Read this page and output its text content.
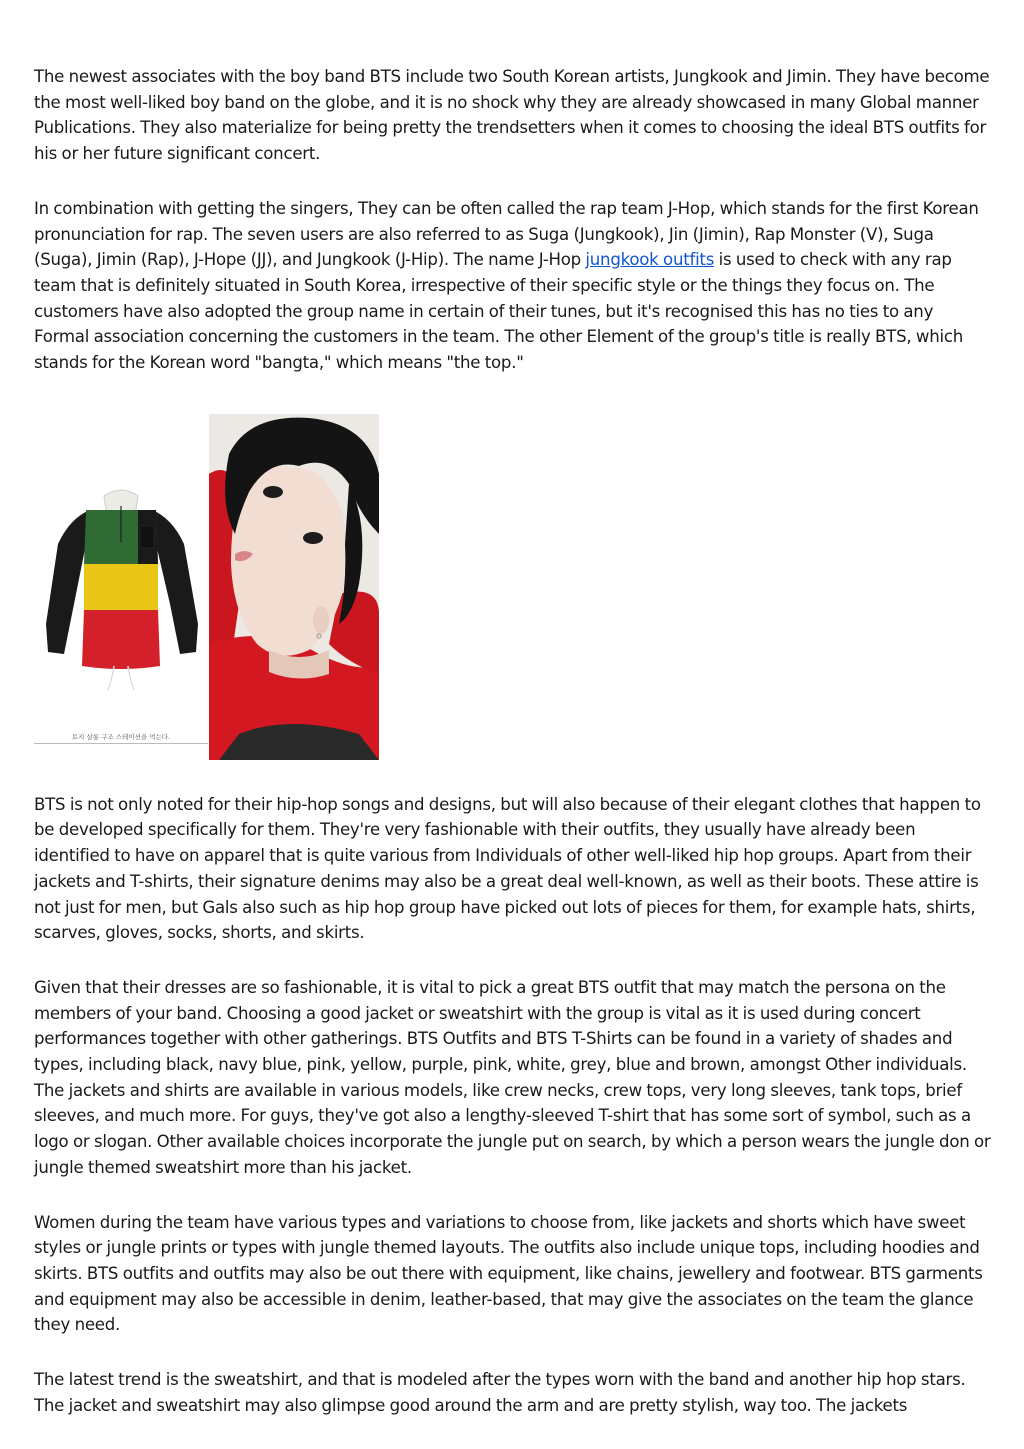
The newest associates with the boy band BTS include two South Korean artists, Jungkook and Jimin. They have become the most well-liked boy band on the globe, and it is no shock why they are already showcased in many Global manner Publications. They also materialize for being pretty the trendsetters when it comes to choosing the ideal BTS outfits for his or her future significant concert.

In combination with getting the singers, They can be often called the rap team J-Hop, which stands for the first Korean pronunciation for rap. The seven users are also referred to as Suga (Jungkook), Jin (Jimin), Rap Monster (V), Suga (Suga), Jimin (Rap), J-Hope (JJ), and Jungkook (J-Hip). The name J-Hop jungkook outfits is used to check with any rap team that is definitely situated in South Korea, irrespective of their specific style or the things they focus on. The customers have also adopted the group name in certain of their tunes, but it's recognised this has no ties to any Formal association concerning the customers in the team. The other Element of the group's title is really BTS, which stands for the Korean word "bangta," which means "the top."

토지 살롱 구조 스테이션을 먹는다.

BTS is not only noted for their hip-hop songs and designs, but will also because of their elegant clothes that happen to be developed specifically for them. They're very fashionable with their outfits, they usually have already been identified to have on apparel that is quite various from Individuals of other well-liked hip hop groups. Apart from their jackets and T-shirts, their signature denims may also be a great deal well-known, as well as their boots. These attire is not just for men, but Gals also such as hip hop group have picked out lots of pieces for them, for example hats, shirts, scarves, gloves, socks, shorts, and skirts.

Given that their dresses are so fashionable, it is vital to pick a great BTS outfit that may match the persona on the members of your band. Choosing a good jacket or sweatshirt with the group is vital as it is used during concert performances together with other gatherings. BTS Outfits and BTS T-Shirts can be found in a variety of shades and types, including black, navy blue, pink, yellow, purple, pink, white, grey, blue and brown, amongst Other individuals. The jackets and shirts are available in various models, like crew necks, crew tops, very long sleeves, tank tops, brief sleeves, and much more. For guys, they've got also a lengthy-sleeved T-shirt that has some sort of symbol, such as a logo or slogan. Other available choices incorporate the jungle put on search, by which a person wears the jungle don or jungle themed sweatshirt more than his jacket.

Women during the team have various types and variations to choose from, like jackets and shorts which have sweet styles or jungle prints or types with jungle themed layouts. The outfits also include unique tops, including hoodies and skirts. BTS outfits and outfits may also be out there with equipment, like chains, jewellery and footwear. BTS garments and equipment may also be accessible in denim, leather-based, that may give the associates on the team the glance they need.

The latest trend is the sweatshirt, and that is modeled after the types worn with the band and another hip hop stars. The jacket and sweatshirt may also glimpse good around the arm and are pretty stylish, way too. The jackets
